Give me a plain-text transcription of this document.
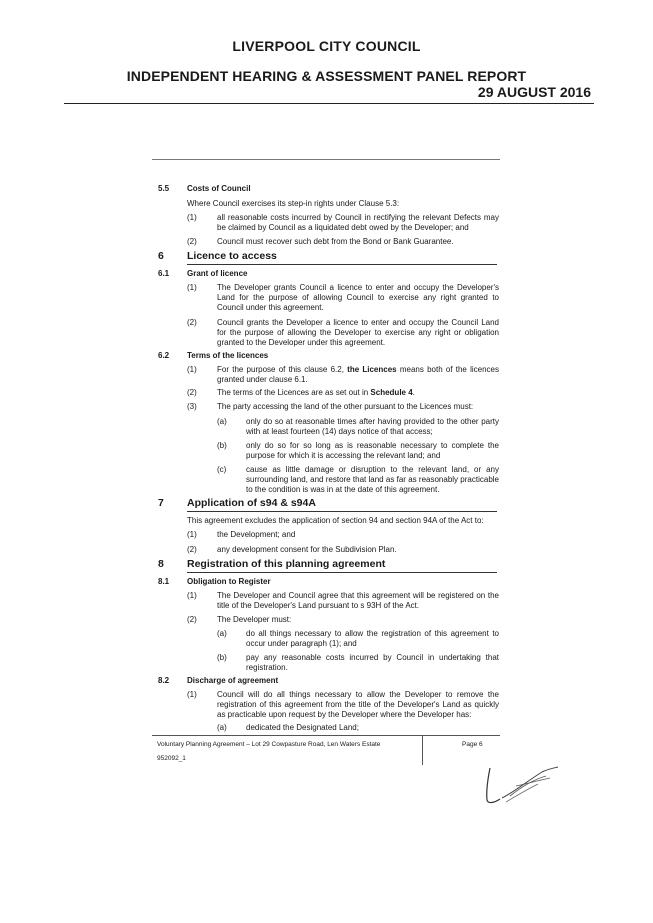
LIVERPOOL CITY COUNCIL
INDEPENDENT HEARING & ASSESSMENT PANEL REPORT
29 AUGUST 2016
5.5 Costs of Council
Where Council exercises its step-in rights under Clause 5.3:
(1)	all reasonable costs incurred by Council in rectifying the relevant Defects may be claimed by Council as a liquidated debt owed by the Developer; and
(2)	Council must recover such debt from the Bond or Bank Guarantee.
6 Licence to access
6.1 Grant of licence
(1)	The Developer grants Council a licence to enter and occupy the Developer's Land for the purpose of allowing Council to exercise any right granted to Council under this agreement.
(2)	Council grants the Developer a licence to enter and occupy the Council Land for the purpose of allowing the Developer to exercise any right or obligation granted to the Developer under this agreement.
6.2 Terms of the licences
(1)	For the purpose of this clause 6.2, the Licences means both of the licences granted under clause 6.1.
(2)	The terms of the Licences are as set out in Schedule 4.
(3)	The party accessing the land of the other pursuant to the Licences must:
(a) only do so at reasonable times after having provided to the other party with at least fourteen (14) days notice of that access;
(b) only do so for so long as is reasonable necessary to complete the purpose for which it is accessing the relevant land; and
(c) cause as little damage or disruption to the relevant land, or any surrounding land, and restore that land as far as reasonably practicable to the condition is was in at the date of this agreement.
7 Application of s94 & s94A
This agreement excludes the application of section 94 and section 94A of the Act to:
(1)	the Development; and
(2)	any development consent for the Subdivision Plan.
8 Registration of this planning agreement
8.1 Obligation to Register
(1)	The Developer and Council agree that this agreement will be registered on the title of the Developer's Land pursuant to s 93H of the Act.
(2)	The Developer must:
(a) do all things necessary to allow the registration of this agreement to occur under paragraph (1); and
(b) pay any reasonable costs incurred by Council in undertaking that registration.
8.2 Discharge of agreement
(1)	Council will do all things necessary to allow the Developer to remove the registration of this agreement from the title of the Developer's Land as quickly as practicable upon request by the Developer where the Developer has:
(a) dedicated the Designated Land;
Voluntary Planning Agreement – Lot 29 Cowpasture Road, Len Waters Estate
952092_1
Page 6
